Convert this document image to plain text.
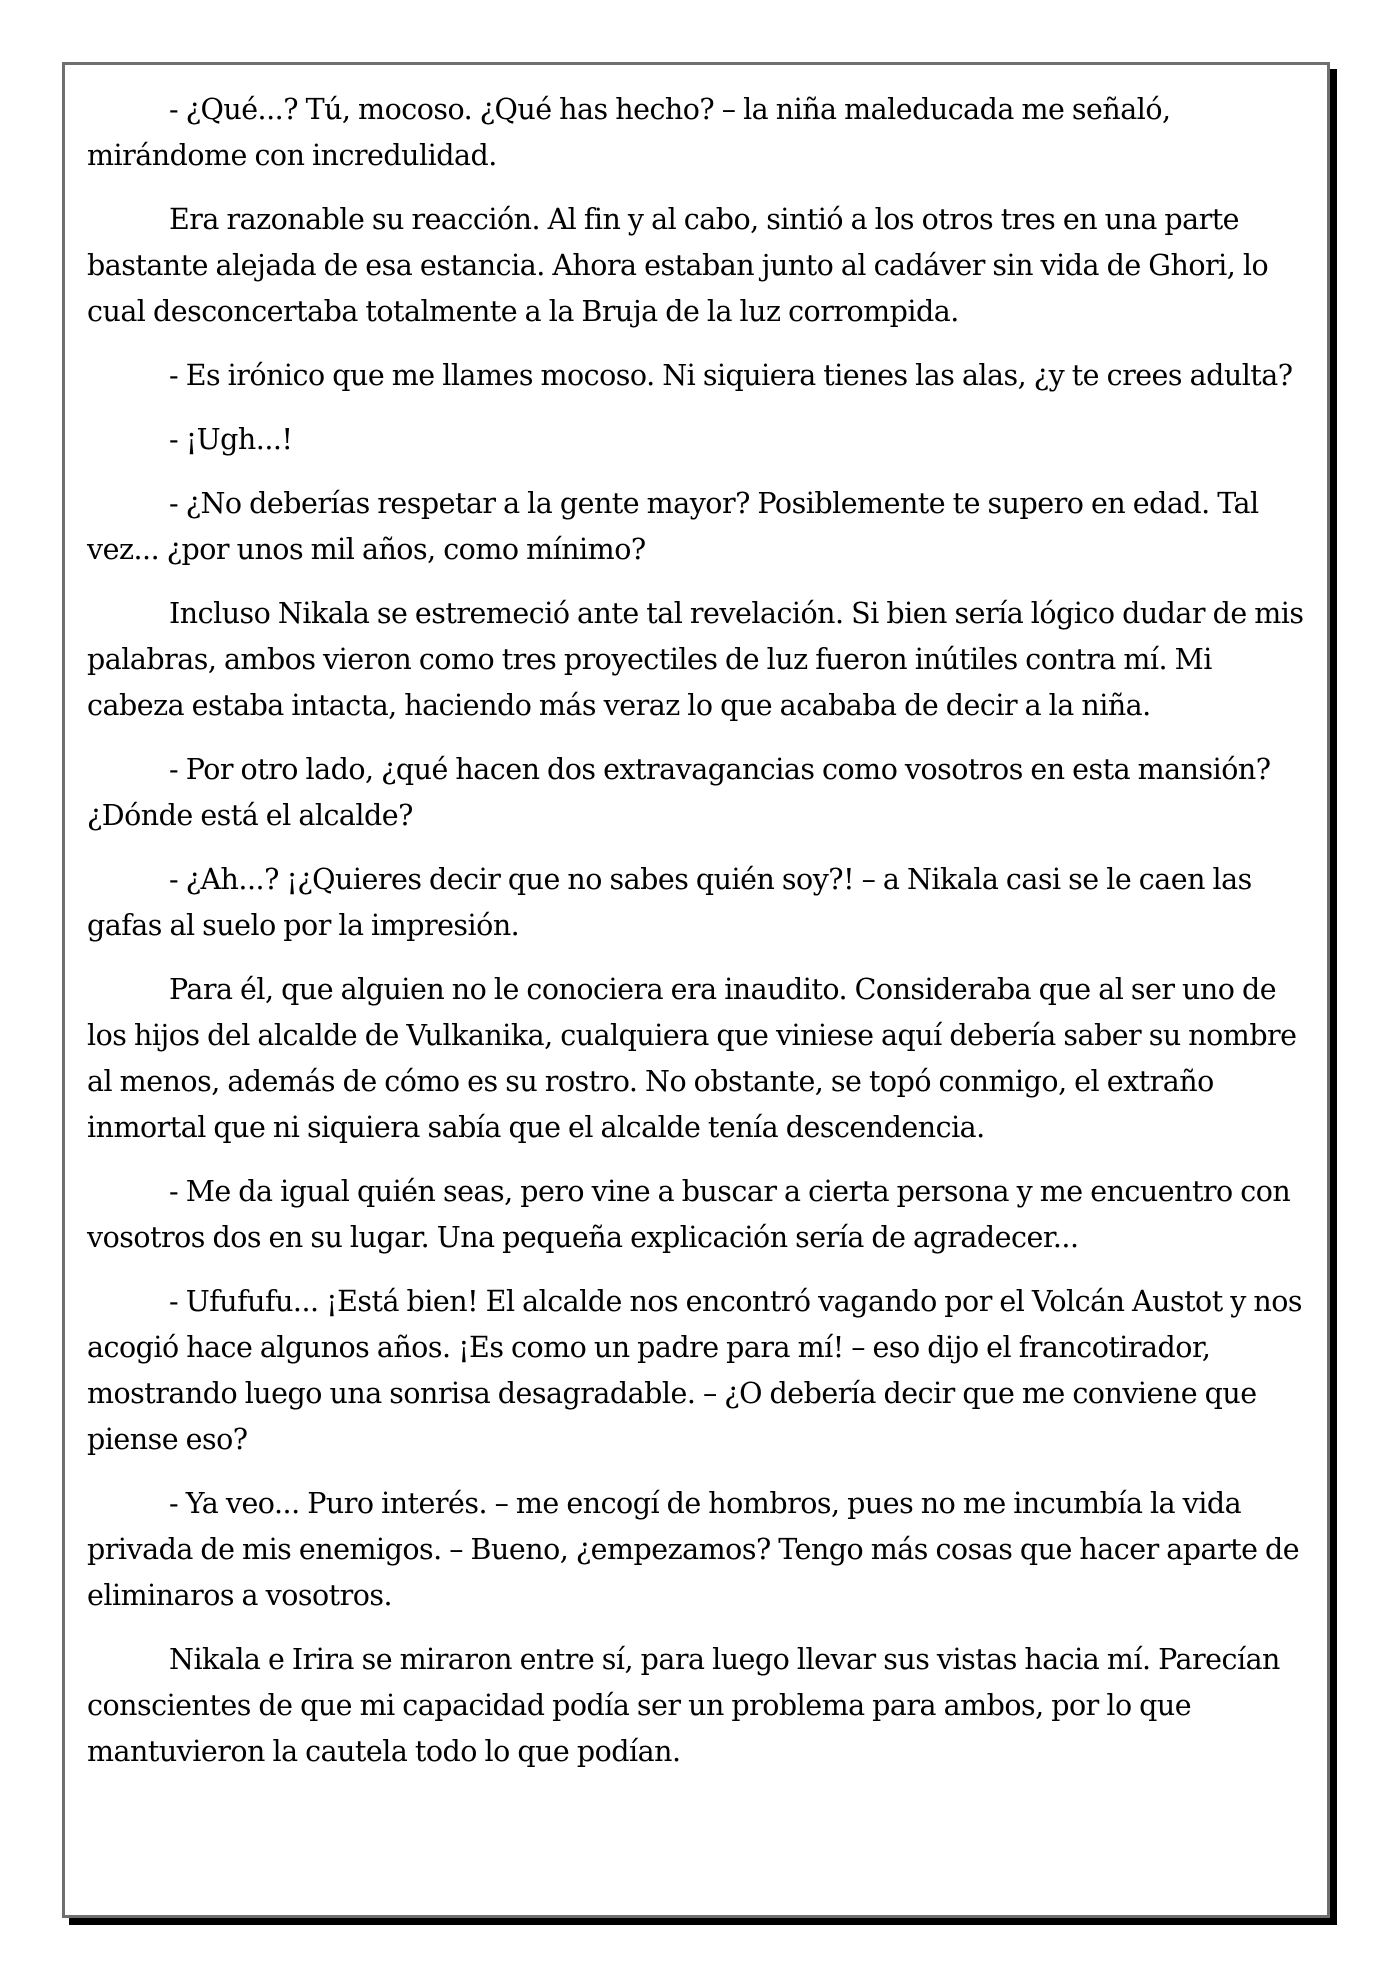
- ¿Qué...? Tú, mocoso. ¿Qué has hecho? – la niña maleducada me señaló, mirándome con incredulidad.

Era razonable su reacción. Al fin y al cabo, sintió a los otros tres en una parte bastante alejada de esa estancia. Ahora estaban junto al cadáver sin vida de Ghori, lo cual desconcertaba totalmente a la Bruja de la luz corrompida.

- Es irónico que me llames mocoso. Ni siquiera tienes las alas, ¿y te crees adulta?

- ¡Ugh...!

- ¿No deberías respetar a la gente mayor? Posiblemente te supero en edad. Tal vez... ¿por unos mil años, como mínimo?

Incluso Nikala se estremeció ante tal revelación. Si bien sería lógico dudar de mis palabras, ambos vieron como tres proyectiles de luz fueron inútiles contra mí. Mi cabeza estaba intacta, haciendo más veraz lo que acababa de decir a la niña.

- Por otro lado, ¿qué hacen dos extravagancias como vosotros en esta mansión? ¿Dónde está el alcalde?

- ¿Ah...? ¡¿Quieres decir que no sabes quién soy?! – a Nikala casi se le caen las gafas al suelo por la impresión.

Para él, que alguien no le conociera era inaudito. Consideraba que al ser uno de los hijos del alcalde de Vulkanika, cualquiera que viniese aquí debería saber su nombre al menos, además de cómo es su rostro. No obstante, se topó conmigo, el extraño inmortal que ni siquiera sabía que el alcalde tenía descendencia.

- Me da igual quién seas, pero vine a buscar a cierta persona y me encuentro con vosotros dos en su lugar. Una pequeña explicación sería de agradecer...

- Ufufufu... ¡Está bien! El alcalde nos encontró vagando por el Volcán Austot y nos acogió hace algunos años. ¡Es como un padre para mí! – eso dijo el francotirador, mostrando luego una sonrisa desagradable. – ¿O debería decir que me conviene que piense eso?

- Ya veo... Puro interés. – me encogí de hombros, pues no me incumbía la vida privada de mis enemigos. – Bueno, ¿empezamos? Tengo más cosas que hacer aparte de eliminaros a vosotros.

Nikala e Irira se miraron entre sí, para luego llevar sus vistas hacia mí. Parecían conscientes de que mi capacidad podía ser un problema para ambos, por lo que mantuvieron la cautela todo lo que podían.
